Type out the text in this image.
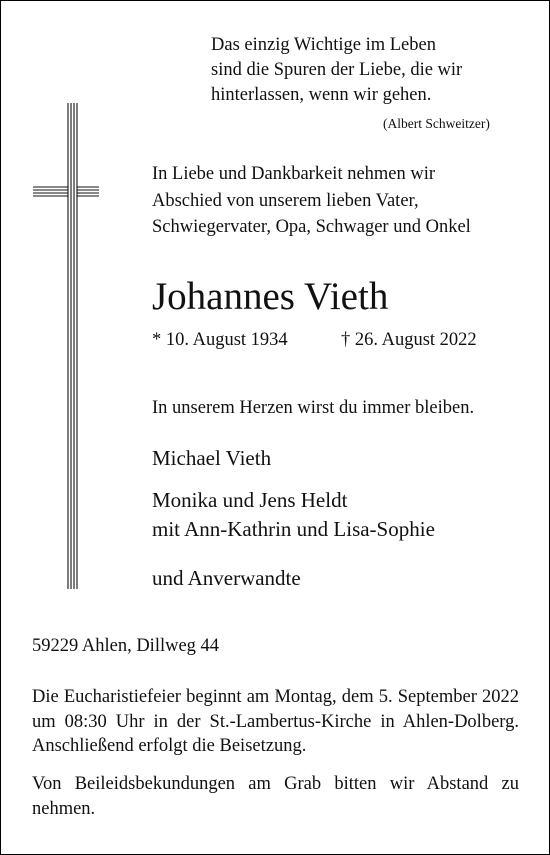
Das einzig Wichtige im Leben
sind die Spuren der Liebe, die wir
hinterlassen, wenn wir gehen.
(Albert Schweitzer)
In Liebe und Dankbarkeit nehmen wir
Abschied von unserem lieben Vater,
Schwiegervater, Opa, Schwager und Onkel
Johannes Vieth
* 10. August 1934	† 26. August 2022
In unserem Herzen wirst du immer bleiben.
Michael Vieth
Monika und Jens Heldt
mit Ann-Kathrin und Lisa-Sophie
und Anverwandte
59229 Ahlen, Dillweg 44
Die Eucharistiefeier beginnt am Montag, dem 5. September 2022 um 08:30 Uhr in der St.-Lambertus-Kirche in Ahlen-Dolberg. Anschließend erfolgt die Beisetzung.
Von Beileidsbekundungen am Grab bitten wir Abstand zu nehmen.
